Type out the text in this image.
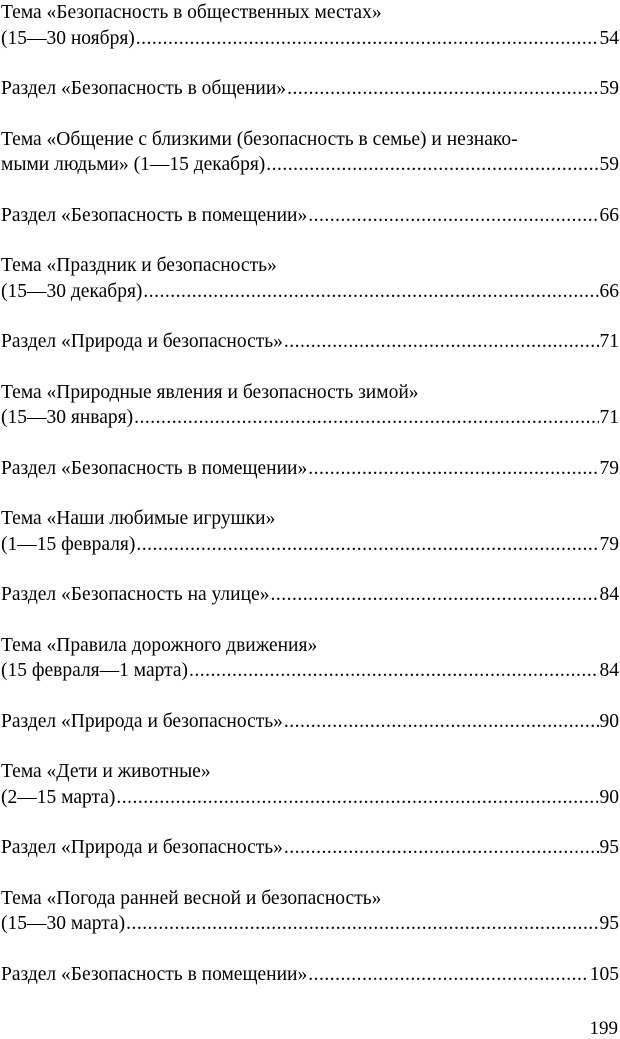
Тема «Безопасность в общественных местах»
(15—30 ноября) .....	54
Раздел «Безопасность в общении» .....	59
Тема «Общение с близкими (безопасность в семье) и незнако-
мыми людьми» (1—15 декабря) .....	59
Раздел «Безопасность в помещении» .....	66
Тема «Праздник и безопасность»
(15—30 декабря) .....	66
Раздел «Природа и безопасность» .....	71
Тема «Природные явления и безопасность зимой»
(15—30 января) .....	71
Раздел «Безопасность в помещении» .....	79
Тема «Наши любимые игрушки»
(1—15 февраля) .....	79
Раздел «Безопасность на улице» .....	84
Тема «Правила дорожного движения»
(15 февраля—1 марта) .....	84
Раздел «Природа и безопасность» .....	90
Тема «Дети и животные»
(2—15 марта) .....	90
Раздел «Природа и безопасность» .....	95
Тема «Погода ранней весной и безопасность»
(15—30 марта) .....	95
Раздел «Безопасность в помещении» .....	105
199
